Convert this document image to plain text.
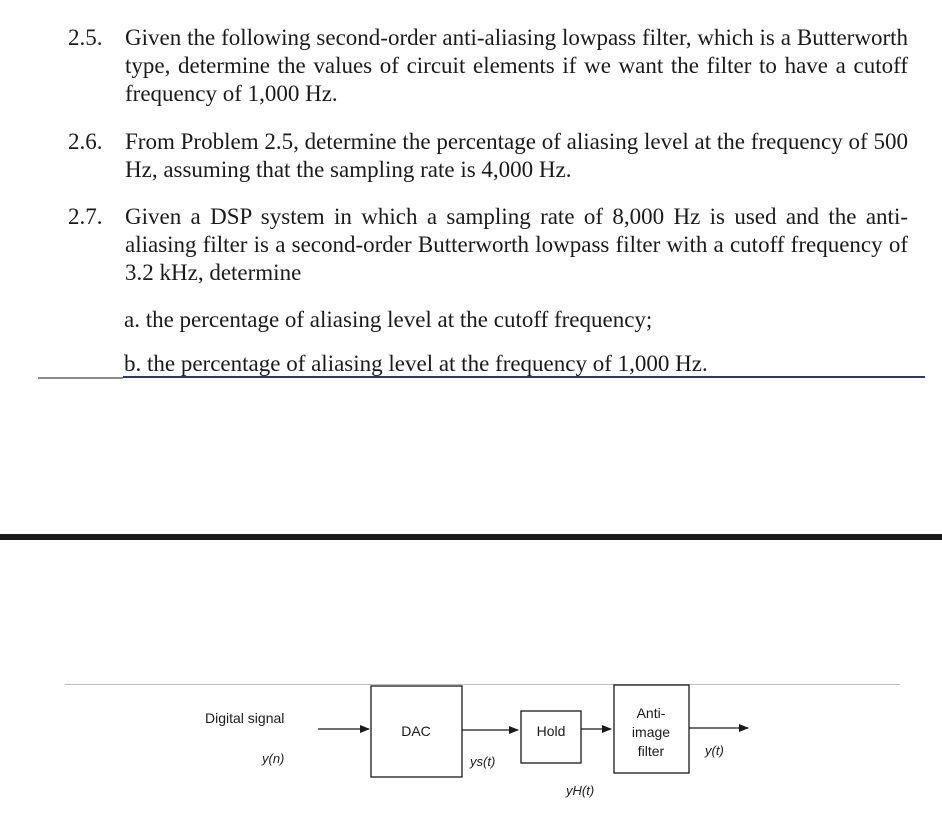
2.5. Given the following second-order anti-aliasing lowpass filter, which is a Butterworth type, determine the values of circuit elements if we want the filter to have a cutoff frequency of 1,000 Hz.
2.6. From Problem 2.5, determine the percentage of aliasing level at the frequency of 500 Hz, assuming that the sampling rate is 4,000 Hz.
2.7. Given a DSP system in which a sampling rate of 8,000 Hz is used and the anti-aliasing filter is a second-order Butterworth lowpass filter with a cutoff frequency of 3.2 kHz, determine
a. the percentage of aliasing level at the cutoff frequency;
b. the percentage of aliasing level at the frequency of 1,000 Hz.
Digital signal
y(n)
DAC
ys(t)
Hold
yH(t)
Anti-
image
filter	y(t)
